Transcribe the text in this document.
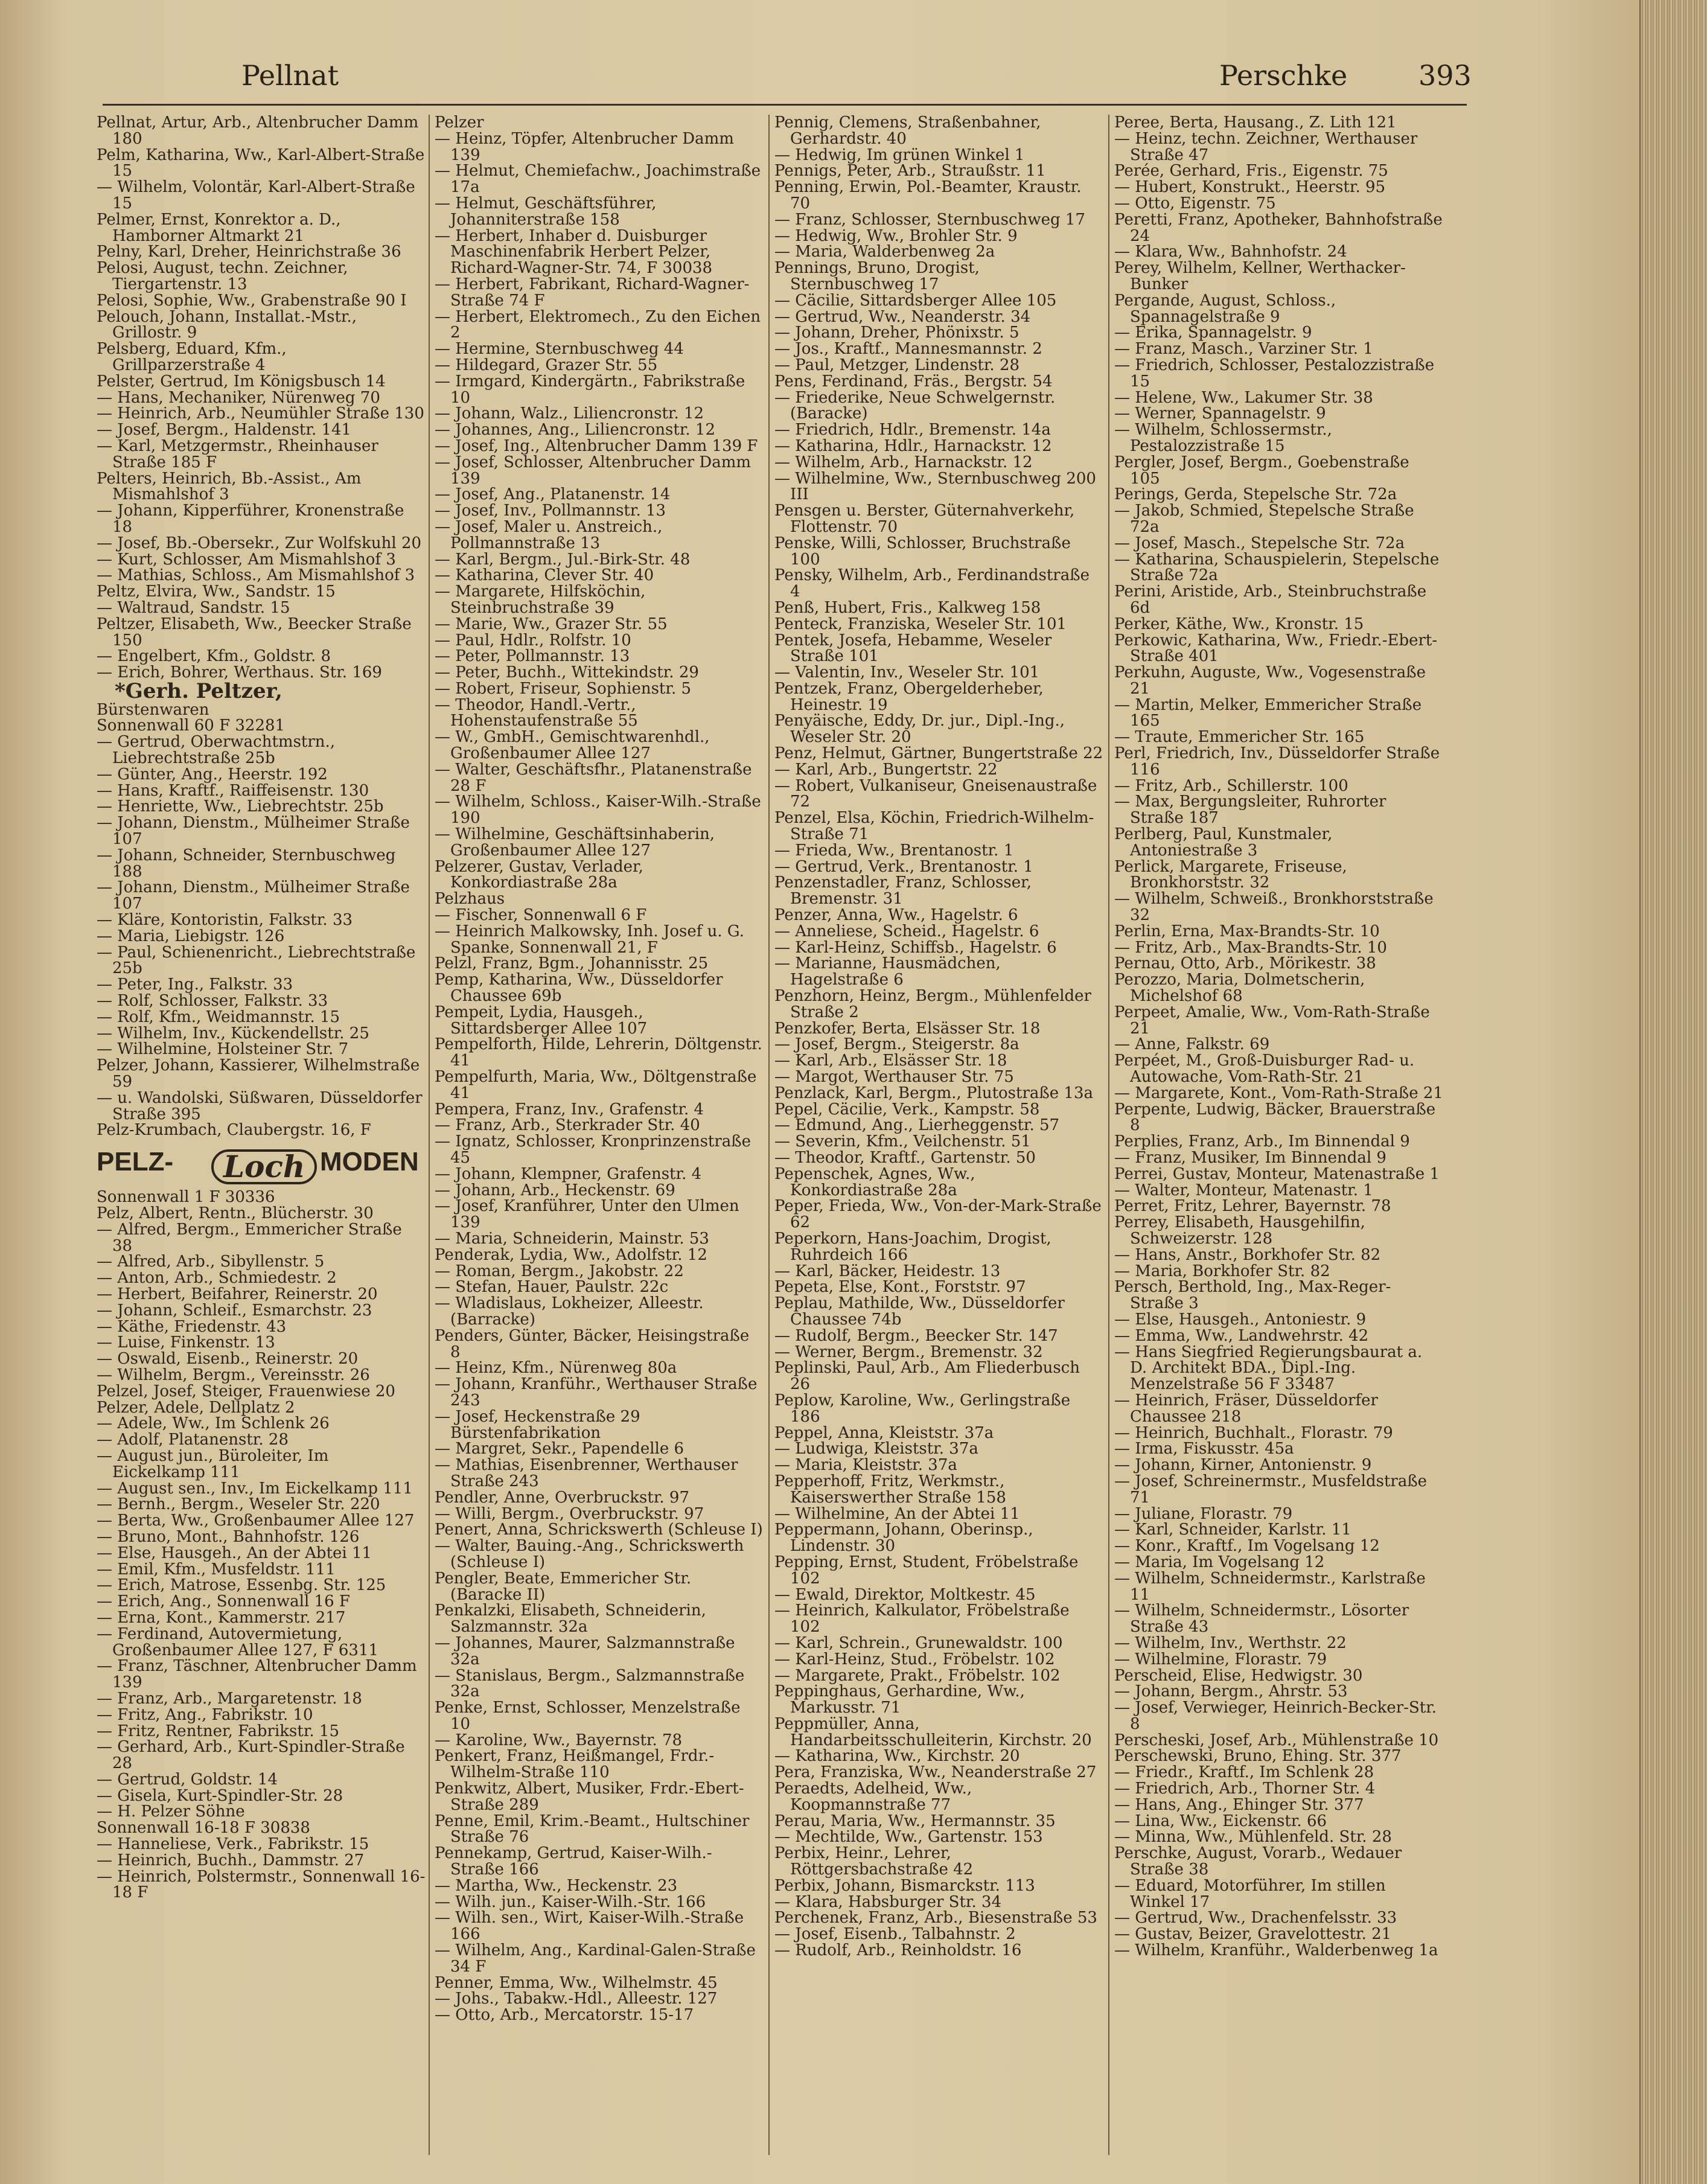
Pellnat	Perschke	393
Pellnat, Artur, Arb., Altenbrucher Damm 180
Pelm, Katharina, Ww., Karl-Albert-Straße 15
— Wilhelm, Volontär, Karl-Albert-Straße 15
Pelmer, Ernst, Konrektor a. D., Hamborner Altmarkt 21
Pelny, Karl, Dreher, Heinrichstraße 36
Pelosi, August, techn. Zeichner, Tiergartenstr. 13
Pelosi, Sophie, Ww., Grabenstraße 90 I
Pelouch, Johann, Installat.-Mstr., Grillostr. 9
Pelsberg, Eduard, Kfm., Grillparzerstraße 4
Pelster, Gertrud, Im Königsbusch 14
— Hans, Mechaniker, Nürenweg 70
— Heinrich, Arb., Neumühler Straße 130
— Josef, Bergm., Haldenstr. 141
— Karl, Metzgermstr., Rheinhauser Straße 185 F
Pelters, Heinrich, Bb.-Assist., Am Mismahlshof 3
— Johann, Kipperführer, Kronenstraße 18
— Josef, Bb.-Obersekr., Zur Wolfskuhl 20
— Kurt, Schlosser, Am Mismahlshof 3
— Mathias, Schloss., Am Mismahlshof 3
Peltz, Elvira, Ww., Sandstr. 15
— Waltraud, Sandstr. 15
Peltzer, Elisabeth, Ww., Beecker Straße 150
— Engelbert, Kfm., Goldstr. 8
— Erich, Bohrer, Werthaus. Str. 169
*Gerh. Peltzer,
Bürstenwaren
Sonnenwall 60 F 32281
— Gertrud, Oberwachtmstrn., Liebrechtstraße 25b
— Günter, Ang., Heerstr. 192
— Hans, Kraftf., Raiffeisenstr. 130
— Henriette, Ww., Liebrechtstr. 25b
— Johann, Dienstm., Mülheimer Straße 107
— Johann, Schneider, Sternbuschweg 188
— Johann, Dienstm., Mülheimer Straße 107
— Kläre, Kontoristin, Falkstr. 33
— Maria, Liebigstr. 126
— Paul, Schienenricht., Liebrechtstraße 25b
— Peter, Ing., Falkstr. 33
— Rolf, Schlosser, Falkstr. 33
— Rolf, Kfm., Weidmannstr. 15
— Wilhelm, Inv., Kückendellstr. 25
— Wilhelmine, Holsteiner Str. 7
Pelzer, Johann, Kassierer, Wilhelmstraße 59
— u. Wandolski, Süßwaren, Düsseldorfer Straße 395
Pelz-Krumbach, Claubergstr. 16, F
PELZ-	Loch MODEN
Sonnenwall 1 F 30336
Pelz, Albert, Rentn., Blücherstr. 30
— Alfred, Bergm., Emmericher Straße 38
— Alfred, Arb., Sibyllenstr. 5
— Anton, Arb., Schmiedestr. 2
— Herbert, Beifahrer, Reinerstr. 20
— Johann, Schleif., Esmarchstr. 23
— Käthe, Friedenstr. 43
— Luise, Finkenstr. 13
— Oswald, Eisenb., Reinerstr. 20
— Wilhelm, Bergm., Vereinsstr. 26
Pelzel, Josef, Steiger, Frauenwiese 20
Pelzer, Adele, Dellplatz 2
— Adele, Ww., Im Schlenk 26
— Adolf, Platanenstr. 28
— August jun., Büroleiter, Im Eickelkamp 111
— August sen., Inv., Im Eickelkamp 111
— Bernh., Bergm., Weseler Str. 220
— Berta, Ww., Großenbaumer Allee 127
— Bruno, Mont., Bahnhofstr. 126
— Else, Hausgeh., An der Abtei 11
— Emil, Kfm., Musfeldstr. 111
— Erich, Matrose, Essenbg. Str. 125
— Erich, Ang., Sonnenwall 16 F
— Erna, Kont., Kammerstr. 217
— Ferdinand, Autovermietung, Großenbaumer Allee 127, F 6311
— Franz, Täschner, Altenbrucher Damm 139
— Franz, Arb., Margaretenstr. 18
— Fritz, Ang., Fabrikstr. 10
— Fritz, Rentner, Fabrikstr. 15
— Gerhard, Arb., Kurt-Spindler-Straße 28
— Gertrud, Goldstr. 14
— Gisela, Kurt-Spindler-Str. 28
— H. Pelzer Söhne
Sonnenwall 16-18 F 30838
— Hanneliese, Verk., Fabrikstr. 15
— Heinrich, Buchh., Dammstr. 27
— Heinrich, Polstermstr., Sonnenwall 16-18 F
Pelzer
— Heinz, Töpfer, Altenbrucher Damm 139
— Helmut, Chemiefachw., Joachimstraße 17a
— Helmut, Geschäftsführer, Johanniterstraße 158
— Herbert, Inhaber d. Duisburger Maschinenfabrik Herbert Pelzer, Richard-Wagner-Str. 74, F 30038
— Herbert, Fabrikant, Richard-Wagner-Straße 74 F
— Herbert, Elektromech., Zu den Eichen 2
— Hermine, Sternbuschweg 44
— Hildegard, Grazer Str. 55
— Irmgard, Kindergärtn., Fabrikstraße 10
— Johann, Walz., Liliencronstr. 12
— Johannes, Ang., Liliencronstr. 12
— Josef, Ing., Altenbrucher Damm 139 F
— Josef, Schlosser, Altenbrucher Damm 139
— Josef, Ang., Platanenstr. 14
— Josef, Inv., Pollmannstr. 13
— Josef, Maler u. Anstreich., Pollmannstraße 13
— Karl, Bergm., Jul.-Birk-Str. 48
— Katharina, Clever Str. 40
— Margarete, Hilfsköchin, Steinbruchstraße 39
— Marie, Ww., Grazer Str. 55
— Paul, Hdlr., Rolfstr. 10
— Peter, Pollmannstr. 13
— Peter, Buchh., Wittekindstr. 29
— Robert, Friseur, Sophienstr. 5
— Theodor, Handl.-Vertr., Hohenstaufenstraße 55
— W., GmbH., Gemischtwarenhdl., Großenbaumer Allee 127
— Walter, Geschäftsfhr., Platanenstraße 28 F
— Wilhelm, Schloss., Kaiser-Wilh.-Straße 190
— Wilhelmine, Geschäftsinhaberin, Großenbaumer Allee 127
Pelzerer, Gustav, Verlader, Konkordiastraße 28a
Pelzhaus
— Fischer, Sonnenwall 6 F
— Heinrich Malkowsky, Inh. Josef u. G. Spanke, Sonnenwall 21, F
Pelzl, Franz, Bgm., Johannisstr. 25
Pemp, Katharina, Ww., Düsseldorfer Chaussee 69b
Pempeit, Lydia, Hausgeh., Sittardsberger Allee 107
Pempelforth, Hilde, Lehrerin, Döltgenstr. 41
Pempelfurth, Maria, Ww., Döltgenstraße 41
Pempera, Franz, Inv., Grafenstr. 4
— Franz, Arb., Sterkrader Str. 40
— Ignatz, Schlosser, Kronprinzenstraße 45
— Johann, Klempner, Grafenstr. 4
— Johann, Arb., Heckenstr. 69
— Josef, Kranführer, Unter den Ulmen 139
— Maria, Schneiderin, Mainstr. 53
Penderak, Lydia, Ww., Adolfstr. 12
— Roman, Bergm., Jakobstr. 22
— Stefan, Hauer, Paulstr. 22c
— Wladislaus, Lokheizer, Alleestr. (Barracke)
Penders, Günter, Bäcker, Heisingstraße 8
— Heinz, Kfm., Nürenweg 80a
— Johann, Kranführ., Werthauser Straße 243
— Josef, Heckenstraße 29 Bürstenfabrikation
— Margret, Sekr., Papendelle 6
— Mathias, Eisenbrenner, Werthauser Straße 243
Pendler, Anne, Overbruckstr. 97
— Willi, Bergm., Overbruckstr. 97
Penert, Anna, Schrickswerth (Schleuse I)
— Walter, Bauing.-Ang., Schrickswerth (Schleuse I)
Pengler, Beate, Emmericher Str. (Baracke II)
Penkalzki, Elisabeth, Schneiderin, Salzmannstr. 32a
— Johannes, Maurer, Salzmannstraße 32a
— Stanislaus, Bergm., Salzmannstraße 32a
Penke, Ernst, Schlosser, Menzelstraße 10
— Karoline, Ww., Bayernstr. 78
Penkert, Franz, Heißmangel, Frdr.-Wilhelm-Straße 110
Penkwitz, Albert, Musiker, Frdr.-Ebert-Straße 289
Penne, Emil, Krim.-Beamt., Hultschiner Straße 76
Pennekamp, Gertrud, Kaiser-Wilh.-Straße 166
— Martha, Ww., Heckenstr. 23
— Wilh. jun., Kaiser-Wilh.-Str. 166
— Wilh. sen., Wirt, Kaiser-Wilh.-Straße 166
— Wilhelm, Ang., Kardinal-Galen-Straße 34 F
Penner, Emma, Ww., Wilhelmstr. 45
— Johs., Tabakw.-Hdl., Alleestr. 127
— Otto, Arb., Mercatorstr. 15-17
Pennig, Clemens, Straßenbahner, Gerhardstr. 40
— Hedwig, Im grünen Winkel 1
Pennigs, Peter, Arb., Straußstr. 11
Penning, Erwin, Pol.-Beamter, Kraustr. 70
— Franz, Schlosser, Sternbuschweg 17
— Hedwig, Ww., Brohler Str. 9
— Maria, Walderbenweg 2a
Pennings, Bruno, Drogist, Sternbuschweg 17
— Cäcilie, Sittardsberger Allee 105
— Gertrud, Ww., Neanderstr. 34
— Johann, Dreher, Phönixstr. 5
— Jos., Kraftf., Mannesmannstr. 2
— Paul, Metzger, Lindenstr. 28
Pens, Ferdinand, Fräs., Bergstr. 54
— Friederike, Neue Schwelgernstr. (Baracke)
— Friedrich, Hdlr., Bremenstr. 14a
— Katharina, Hdlr., Harnackstr. 12
— Wilhelm, Arb., Harnackstr. 12
— Wilhelmine, Ww., Sternbuschweg 200 III
Pensgen u. Berster, Güternahverkehr, Flottenstr. 70
Penske, Willi, Schlosser, Bruchstraße 100
Pensky, Wilhelm, Arb., Ferdinandstraße 4
Penß, Hubert, Fris., Kalkweg 158
Penteck, Franziska, Weseler Str. 101
Pentek, Josefa, Hebamme, Weseler Straße 101
— Valentin, Inv., Weseler Str. 101
Pentzek, Franz, Obergelderheber, Heinestr. 19
Penyäische, Eddy, Dr. jur., Dipl.-Ing., Weseler Str. 20
Penz, Helmut, Gärtner, Bungertstraße 22
— Karl, Arb., Bungertstr. 22
— Robert, Vulkaniseur, Gneisenaustraße 72
Penzel, Elsa, Köchin, Friedrich-Wilhelm-Straße 71
— Frieda, Ww., Brentanostr. 1
— Gertrud, Verk., Brentanostr. 1
Penzenstadler, Franz, Schlosser, Bremenstr. 31
Penzer, Anna, Ww., Hagelstr. 6
— Anneliese, Scheid., Hagelstr. 6
— Karl-Heinz, Schiffsb., Hagelstr. 6
— Marianne, Hausmädchen, Hagelstraße 6
Penzhorn, Heinz, Bergm., Mühlenfelder Straße 2
Penzkofer, Berta, Elsässer Str. 18
— Josef, Bergm., Steigerstr. 8a
— Karl, Arb., Elsässer Str. 18
— Margot, Werthauser Str. 75
Penzlack, Karl, Bergm., Plutostraße 13a
Pepel, Cäcilie, Verk., Kampstr. 58
— Edmund, Ang., Lierheggenstr. 57
— Severin, Kfm., Veilchenstr. 51
— Theodor, Kraftf., Gartenstr. 50
Pepenschek, Agnes, Ww., Konkordiastraße 28a
Peper, Frieda, Ww., Von-der-Mark-Straße 62
Peperkorn, Hans-Joachim, Drogist, Ruhrdeich 166
— Karl, Bäcker, Heidestr. 13
Pepeta, Else, Kont., Forststr. 97
Peplau, Mathilde, Ww., Düsseldorfer Chaussee 74b
— Rudolf, Bergm., Beecker Str. 147
— Werner, Bergm., Bremenstr. 32
Peplinski, Paul, Arb., Am Fliederbusch 26
Peplow, Karoline, Ww., Gerlingstraße 186
Peppel, Anna, Kleiststr. 37a
— Ludwiga, Kleiststr. 37a
— Maria, Kleiststr. 37a
Pepperhoff, Fritz, Werkmstr., Kaiserswerther Straße 158
— Wilhelmine, An der Abtei 11
Peppermann, Johann, Oberinsp., Lindenstr. 30
Pepping, Ernst, Student, Fröbelstraße 102
— Ewald, Direktor, Moltkestr. 45
— Heinrich, Kalkulator, Fröbelstraße 102
— Karl, Schrein., Grunewaldstr. 100
— Karl-Heinz, Stud., Fröbelstr. 102
— Margarete, Prakt., Fröbelstr. 102
Peppinghaus, Gerhardine, Ww., Markusstr. 71
Peppmüller, Anna, Handarbeitsschulleiterin, Kirchstr. 20
— Katharina, Ww., Kirchstr. 20
Pera, Franziska, Ww., Neanderstraße 27
Peraedts, Adelheid, Ww., Koopmannstraße 77
Perau, Maria, Ww., Hermannstr. 35
— Mechtilde, Ww., Gartenstr. 153
Perbix, Heinr., Lehrer, Röttgersbachstraße 42
Perbix, Johann, Bismarckstr. 113
— Klara, Habsburger Str. 34
Perchenek, Franz, Arb., Biesenstraße 53
— Josef, Eisenb., Talbahnstr. 2
— Rudolf, Arb., Reinholdstr. 16
Peree, Berta, Hausang., Z. Lith 121
— Heinz, techn. Zeichner, Werthauser Straße 47
Perée, Gerhard, Fris., Eigenstr. 75
— Hubert, Konstrukt., Heerstr. 95
— Otto, Eigenstr. 75
Peretti, Franz, Apotheker, Bahnhofstraße 24
— Klara, Ww., Bahnhofstr. 24
Perey, Wilhelm, Kellner, Werthacker-Bunker
Pergande, August, Schloss., Spannagelstraße 9
— Erika, Spannagelstr. 9
— Franz, Masch., Varziner Str. 1
— Friedrich, Schlosser, Pestalozzistraße 15
— Helene, Ww., Lakumer Str. 38
— Werner, Spannagelstr. 9
— Wilhelm, Schlossermstr., Pestalozzistraße 15
Pergler, Josef, Bergm., Goebenstraße 105
Perings, Gerda, Stepelsche Str. 72a
— Jakob, Schmied, Stepelsche Straße 72a
— Josef, Masch., Stepelsche Str. 72a
— Katharina, Schauspielerin, Stepelsche Straße 72a
Perini, Aristide, Arb., Steinbruchstraße 6d
Perker, Käthe, Ww., Kronstr. 15
Perkowic, Katharina, Ww., Friedr.-Ebert-Straße 401
Perkuhn, Auguste, Ww., Vogesenstraße 21
— Martin, Melker, Emmericher Straße 165
— Traute, Emmericher Str. 165
Perl, Friedrich, Inv., Düsseldorfer Straße 116
— Fritz, Arb., Schillerstr. 100
— Max, Bergungsleiter, Ruhrorter Straße 187
Perlberg, Paul, Kunstmaler, Antoniestraße 3
Perlick, Margarete, Friseuse, Bronkhorststr. 32
— Wilhelm, Schweiß., Bronkhorststraße 32
Perlin, Erna, Max-Brandts-Str. 10
— Fritz, Arb., Max-Brandts-Str. 10
Pernau, Otto, Arb., Mörikestr. 38
Perozzo, Maria, Dolmetscherin, Michelshof 68
Perpeet, Amalie, Ww., Vom-Rath-Straße 21
— Anne, Falkstr. 69
Perpéet, M., Groß-Duisburger Rad- u. Autowache, Vom-Rath-Str. 21
— Margarete, Kont., Vom-Rath-Straße 21
Perpente, Ludwig, Bäcker, Brauerstraße 8
Perplies, Franz, Arb., Im Binnendal 9
— Franz, Musiker, Im Binnendal 9
Perrei, Gustav, Monteur, Matenastraße 1
— Walter, Monteur, Matenastr. 1
Perret, Fritz, Lehrer, Bayernstr. 78
Perrey, Elisabeth, Hausgehilfin, Schweizerstr. 128
— Hans, Anstr., Borkhofer Str. 82
— Maria, Borkhofer Str. 82
Persch, Berthold, Ing., Max-Reger-Straße 3
— Else, Hausgeh., Antoniestr. 9
— Emma, Ww., Landwehrstr. 42
— Hans Siegfried Regierungsbaurat a. D. Architekt BDA., Dipl.-Ing. Menzelstraße 56 F 33487
— Heinrich, Fräser, Düsseldorfer Chaussee 218
— Heinrich, Buchhalt., Florastr. 79
— Irma, Fiskusstr. 45a
— Johann, Kirner, Antonienstr. 9
— Josef, Schreinermstr., Musfeldstraße 71
— Juliane, Florastr. 79
— Karl, Schneider, Karlstr. 11
— Konr., Kraftf., Im Vogelsang 12
— Maria, Im Vogelsang 12
— Wilhelm, Schneidermstr., Karlstraße 11
— Wilhelm, Schneidermstr., Lösorter Straße 43
— Wilhelm, Inv., Werthstr. 22
— Wilhelmine, Florastr. 79
Perscheid, Elise, Hedwigstr. 30
— Johann, Bergm., Ahrstr. 53
— Josef, Verwieger, Heinrich-Becker-Str. 8
Perscheski, Josef, Arb., Mühlenstraße 10
Perschewski, Bruno, Ehing. Str. 377
— Friedr., Kraftf., Im Schlenk 28
— Friedrich, Arb., Thorner Str. 4
— Hans, Ang., Ehinger Str. 377
— Lina, Ww., Eickenstr. 66
— Minna, Ww., Mühlenfeld. Str. 28
Perschke, August, Vorarb., Wedauer Straße 38
— Eduard, Motorführer, Im stillen Winkel 17
— Gertrud, Ww., Drachenfelsstr. 33
— Gustav, Beizer, Gravelottestr. 21
— Wilhelm, Kranführ., Walderbenweg 1a
